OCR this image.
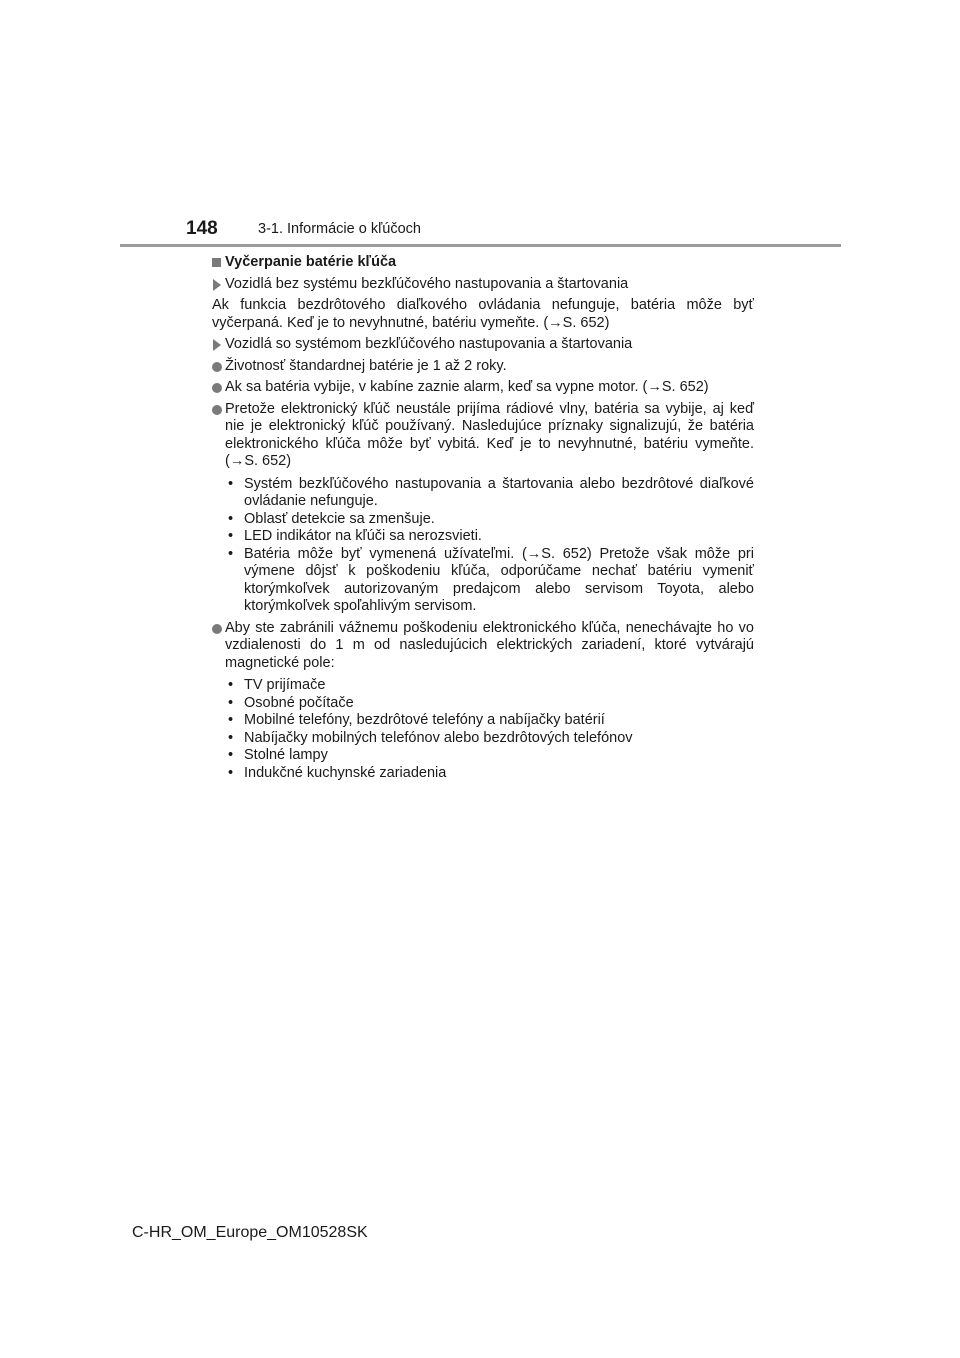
148	3-1. Informácie o kľúčoch
Vyčerpanie batérie kľúča
Vozidlá bez systému bezkľúčového nastupovania a štartovania
Ak funkcia bezdrôtového diaľkového ovládania nefunguje, batéria môže byť vyčerpaná. Keď je to nevyhnutné, batériu vymeňte. (→S. 652)
Vozidlá so systémom bezkľúčového nastupovania a štartovania
Životnosť štandardnej batérie je 1 až 2 roky.
Ak sa batéria vybije, v kabíne zaznie alarm, keď sa vypne motor. (→S. 652)
Pretože elektronický kľúč neustále prijíma rádiové vlny, batéria sa vybije, aj keď nie je elektronický kľúč používaný. Nasledujúce príznaky signalizujú, že batéria elektronického kľúča môže byť vybitá. Keď je to nevyhnutné, batériu vymeňte. (→S. 652)
• Systém bezkľúčového nastupovania a štartovania alebo bezdrôtové diaľkové ovládanie nefunguje.
• Oblasť detekcie sa zmenšuje.
• LED indikátor na kľúči sa nerozsvieti.
• Batéria môže byť vymenená užívateľmi. (→S. 652) Pretože však môže pri výmene dôjsť k poškodeniu kľúča, odporúčame nechať batériu vymeniť ktorýmkoľvek autorizovaným predajcom alebo servisom Toyota, alebo ktorýmkoľvek spoľahlivým servisom.
Aby ste zabránili vážnemu poškodeniu elektronického kľúča, nenechávajte ho vo vzdialenosti do 1 m od nasledujúcich elektrických zariadení, ktoré vytvárajú magnetické pole:
• TV prijímače
• Osobné počítače
• Mobilné telefóny, bezdrôtové telefóny a nabíjačky batérií
• Nabíjačky mobilných telefónov alebo bezdrôtových telefónov
• Stolné lampy
• Indukčné kuchynské zariadenia
C-HR_OM_Europe_OM10528SK
